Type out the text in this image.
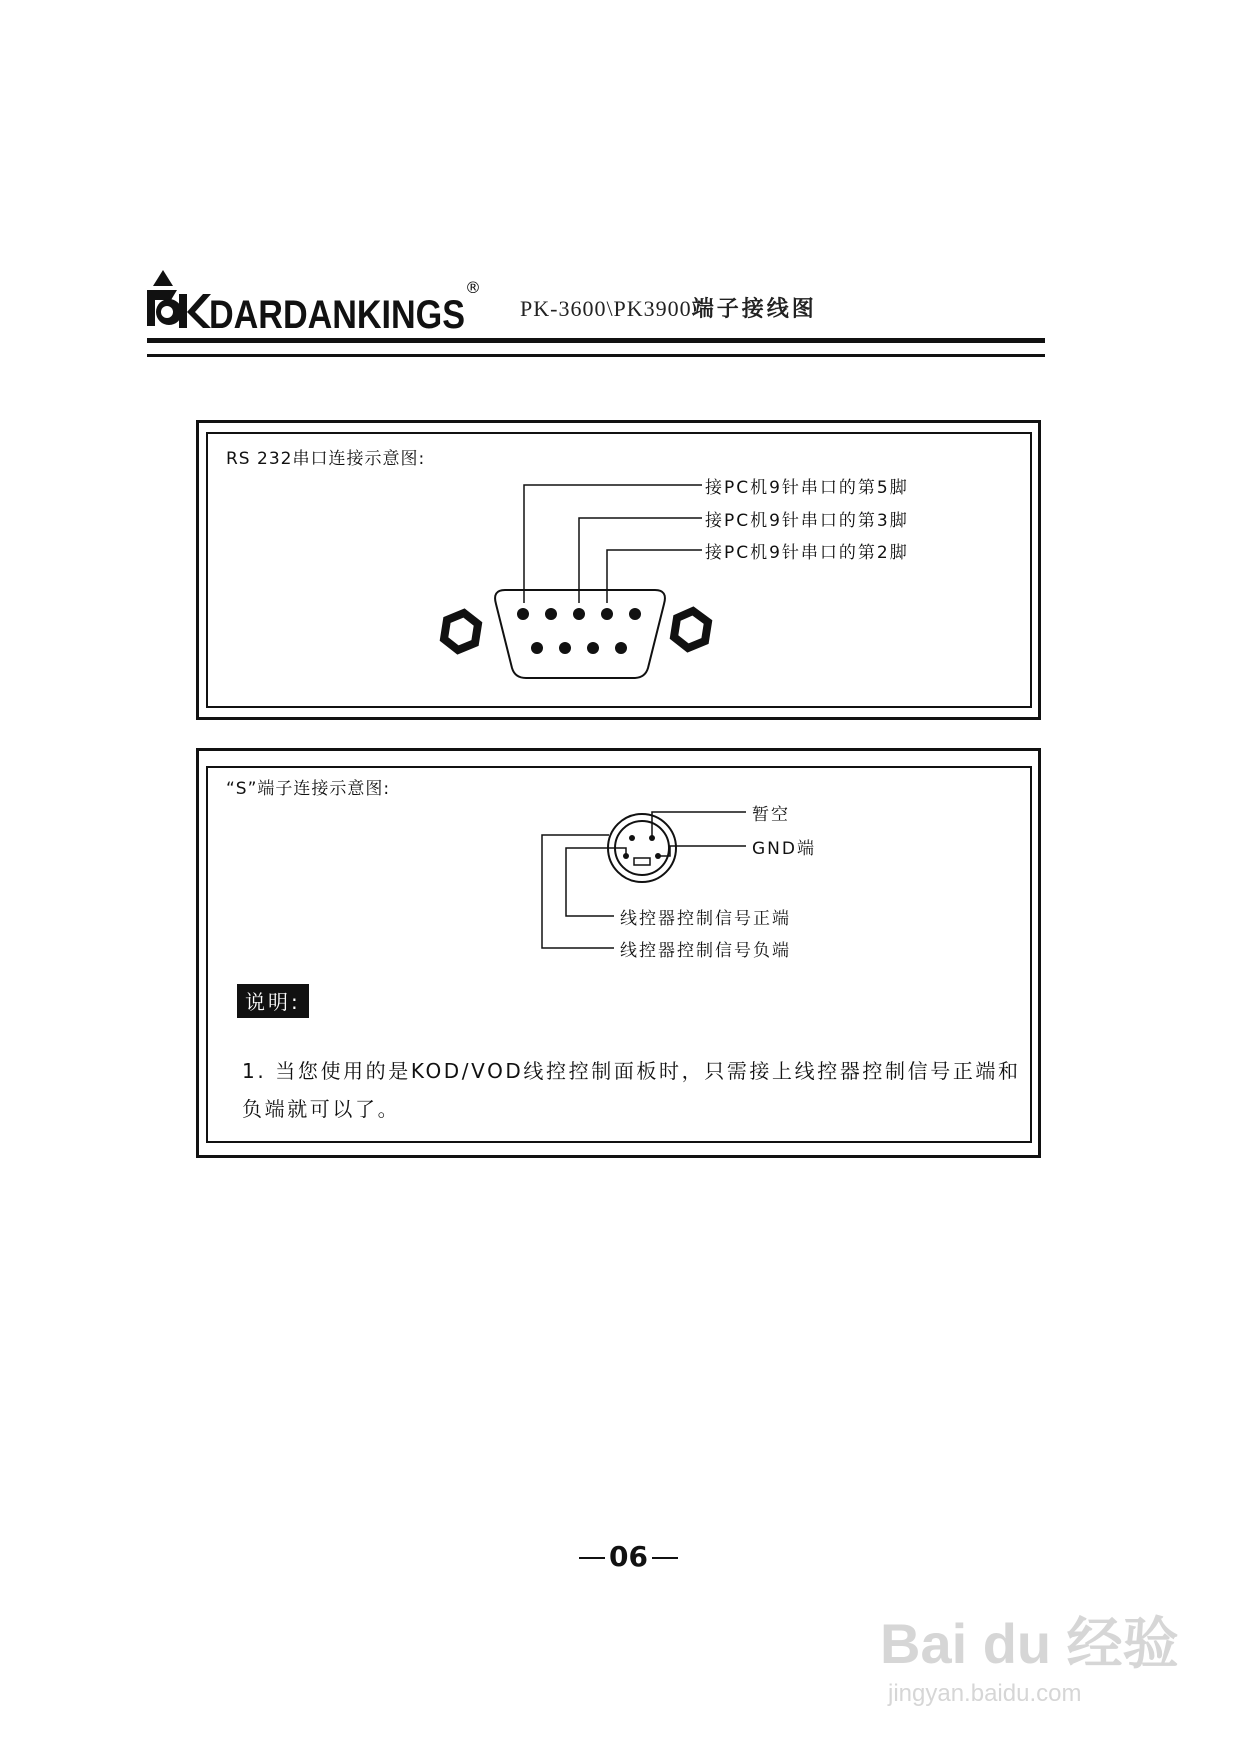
DARDANKINGS
®
PK-3600\PK3900端子接线图
RS 232串口连接示意图:
“S”端子连接示意图:
接PC机9针串口的第5脚
接PC机9针串口的第3脚
接PC机9针串口的第2脚
暂空
GND端
线控器控制信号正端
线控器控制信号负端
说明:
1. 当您使用的是KOD/VOD线控控制面板时，只需接上线控器控制信号正端和负端就可以了。
06
Bai du 经验
jingyan.baidu.com
